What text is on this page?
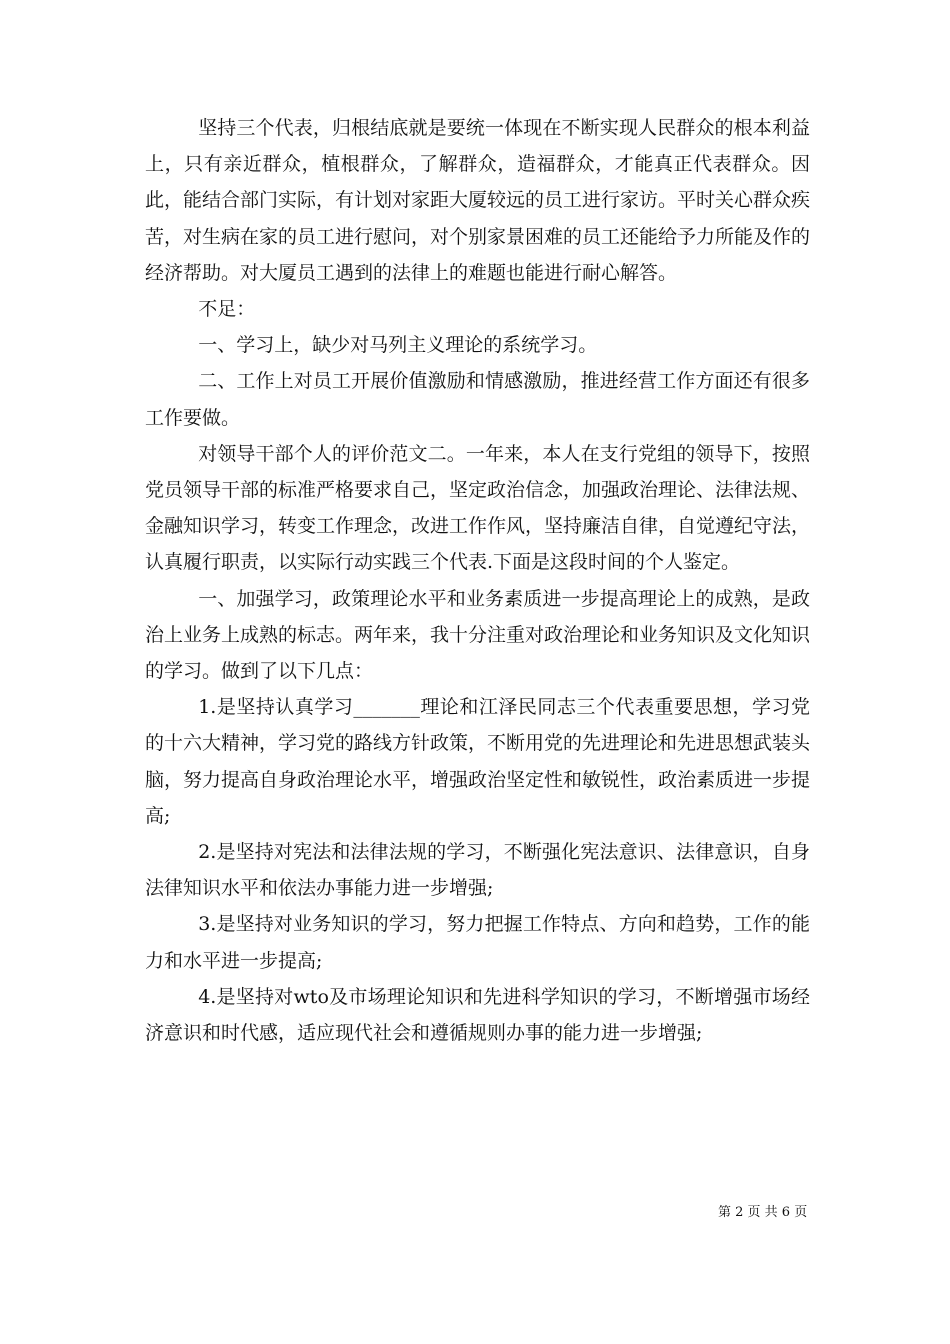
坚持三个代表，归根结底就是要统一体现在不断实现人民群众的根本利益上，只有亲近群众，植根群众，了解群众，造福群众，才能真正代表群众。因此，能结合部门实际，有计划对家距大厦较远的员工进行家访。平时关心群众疾苦，对生病在家的员工进行慰问，对个别家景困难的员工还能给予力所能及作的经济帮助。对大厦员工遇到的法律上的难题也能进行耐心解答。

不足：

一、学习上，缺少对马列主义理论的系统学习。

二、工作上对员工开展价值激励和情感激励，推进经营工作方面还有很多工作要做。

对领导干部个人的评价范文二。一年来，本人在支行党组的领导下，按照党员领导干部的标准严格要求自己，坚定政治信念，加强政治理论、法律法规、金融知识学习，转变工作理念，改进工作作风，坚持廉洁自律，自觉遵纪守法，认真履行职责，以实际行动实践三个代表.下面是这段时间的个人鉴定。

一、加强学习，政策理论水平和业务素质进一步提高理论上的成熟，是政治上业务上成熟的标志。两年来，我十分注重对政治理论和业务知识及文化知识的学习。做到了以下几点：

1.是坚持认真学习_______理论和江泽民同志三个代表重要思想，学习党的十六大精神，学习党的路线方针政策，不断用党的先进理论和先进思想武装头脑，努力提高自身政治理论水平，增强政治坚定性和敏锐性，政治素质进一步提高;

2.是坚持对宪法和法律法规的学习，不断强化宪法意识、法律意识，自身法律知识水平和依法办事能力进一步增强;

3.是坚持对业务知识的学习，努力把握工作特点、方向和趋势，工作的能力和水平进一步提高;

4.是坚持对wto及市场理论知识和先进科学知识的学习，不断增强市场经济意识和时代感，适应现代社会和遵循规则办事的能力进一步增强;

第 2 页 共 6 页
